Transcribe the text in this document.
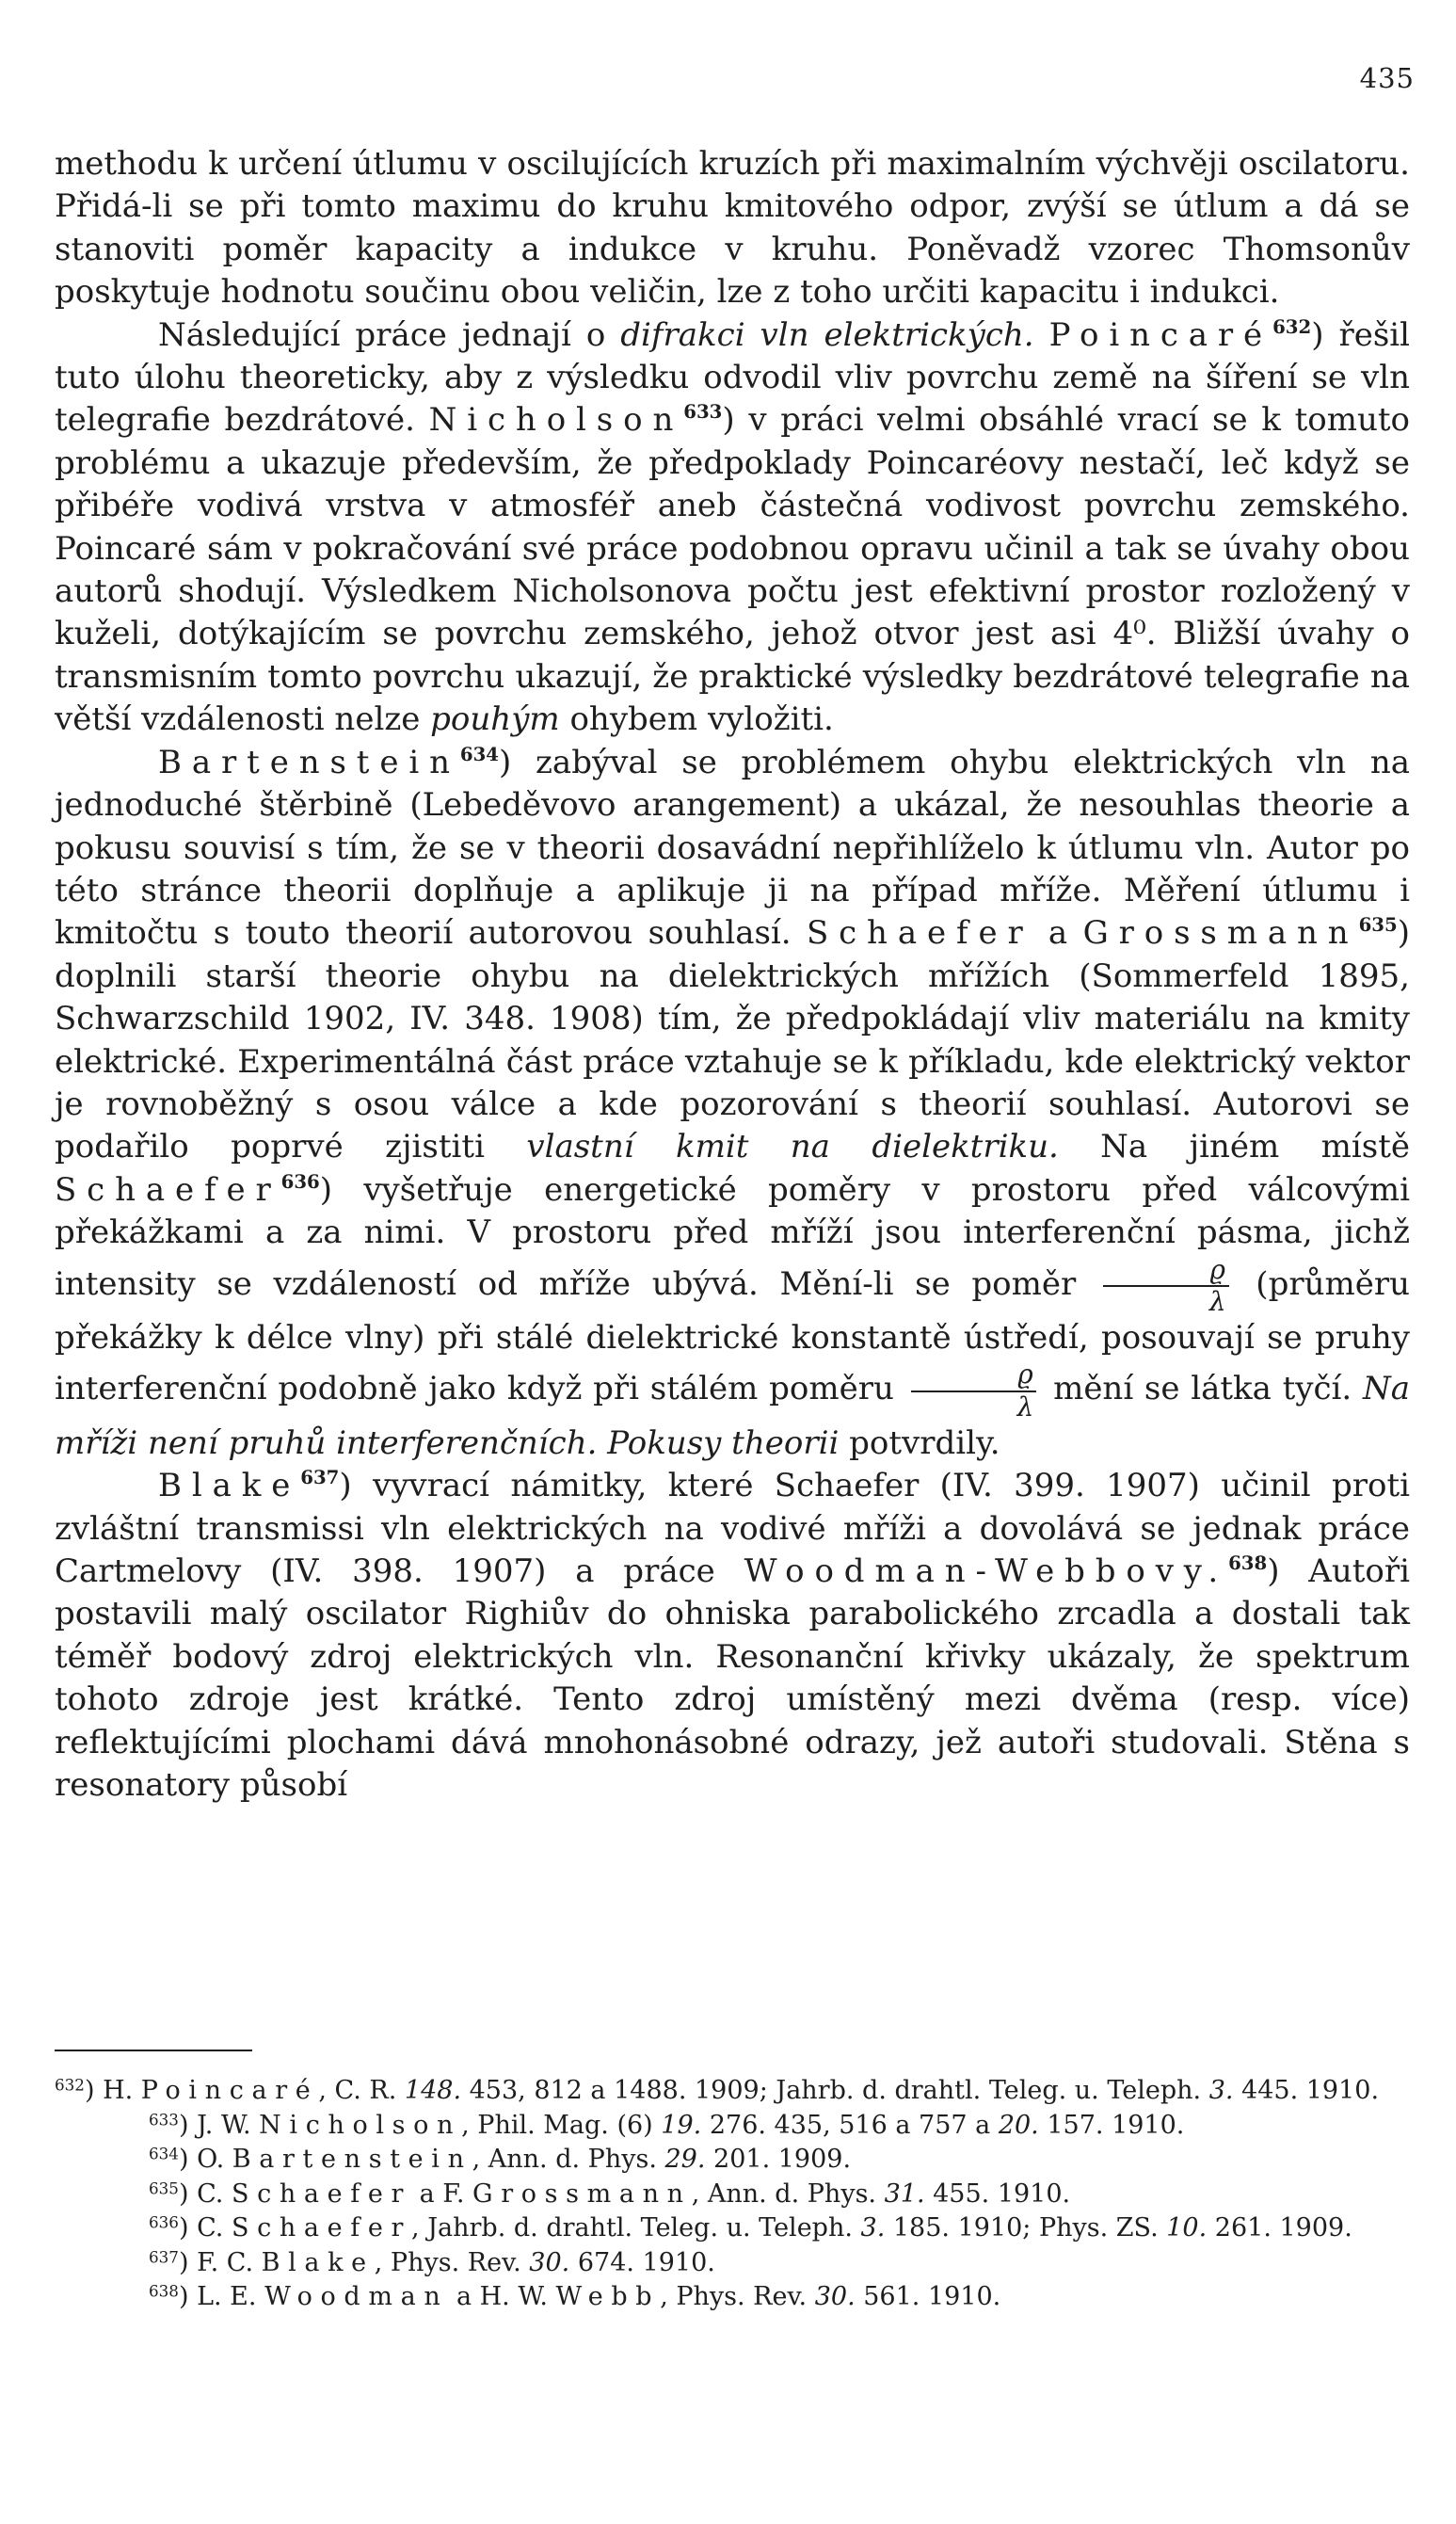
435

methodu k určení útlumu v oscilujících kruzích při maximalním výchvěji oscilatoru. Přidá-li se při tomto maximu do kruhu kmitového odpor, zvýší se útlum a dá se stanoviti poměr kapacity a indukce v kruhu. Poněvadž vzorec Thomsonův poskytuje hodnotu součinu obou veličin, lze z toho určiti kapacitu i indukci.

Následující práce jednají o difrakci vln elektrických. Poincaré$^{632}$) řešil tuto úlohu theoreticky, aby z výsledku odvodil vliv povrchu země na šíření se vln telegrafie bezdrátové. Nicholson$^{633}$) v práci velmi obsáhlé vrací se k tomuto problému a ukazuje především, že předpoklady Poincaréovy nestačí, leč když se přibéře vodivá vrstva v atmosféř aneb částečná vodivost povrchu zemského. Poincaré sám v pokračování své práce podobnou opravu učinil a tak se úvahy obou autorů shodují. Výsledkem Nicholsonova počtu jest efektivní prostor rozložený v kuželi, dotýkajícím se povrchu zemského, jehož otvor jest asi 4⁰. Bližší úvahy o transmisním tomto povrchu ukazují, že praktické výsledky bezdrátové telegrafie na větší vzdálenosti nelze pouhým ohybem vyložiti.

Bartenstein$^{634}$) zabýval se problémem ohybu elektrických vln na jednoduché štěrbině (Lebeděvovo arangement) a ukázal, že nesouhlas theorie a pokusu souvisí s tím, že se v theorii dosavádní nepřihlíželo k útlumu vln. Autor po této stránce theorii doplňuje a aplikuje ji na případ mříže. Měření útlumu i kmitočtu s touto theorií autorovou souhlasí. Schaefer a Grossmann$^{635}$) doplnili starší theorie ohybu na dielektrických mřížích (Sommerfeld 1895, Schwarzschild 1902, IV. 348. 1908) tím, že předpokládají vliv materiálu na kmity elektrické. Experimentálná část práce vztahuje se k příkladu, kde elektrický vektor je rovnoběžný s osou válce a kde pozorování s theorií souhlasí. Autorovi se podařilo poprvé zjistiti vlastní kmit na dielektriku. Na jiném místě Schaefer$^{636}$) vyšetřuje energetické poměry v prostoru před válcovými překážkami a za nimi. V prostoru před mříží jsou interferenční pásma, jichž intensity se vzdáleností od mříže ubývá. Mění-li se poměr $\frac{ϱ}{\lambda}$ (průměru překážky k délce vlny) při stálé dielektrické konstantě ústředí, posouvají se pruhy interferenční podobně jako když při stálém poměru $\frac{ϱ}{\lambda}$ mění se látka tyčí. Na mříži není pruhů interferenčních. Pokusy theorii potvrdily.

Blake$^{637}$) vyvrací námitky, které Schaefer (IV. 399. 1907) učinil proti zvláštní transmissi vln elektrických na vodivé mříži a dovolává se jednak práce Cartmelovy (IV. 398. 1907) a práce Woodman-Webbovy.$^{638}$) Autoři postavili malý oscilator Righiův do ohniska parabolického zrcadla a dostali tak téměř bodový zdroj elektrických vln. Resonanční křivky ukázaly, že spektrum tohoto zdroje jest krátké. Tento zdroj umístěný mezi dvěma (resp. více) reflektujícími plochami dává mnohonásobné odrazy, jež autoři studovali. Stěna s resonatory působí

$^{632}$) H. Poincaré, C. R. 148. 453, 812 a 1488. 1909; Jahrb. d. drahtl. Teleg. u. Teleph. 3. 445. 1910.

$^{633}$) J. W. Nicholson, Phil. Mag. (6) 19. 276. 435, 516 a 757 a 20. 157. 1910.

$^{634}$) O. Bartenstein, Ann. d. Phys. 29. 201. 1909.

$^{635}$) C. Schaefer a F. Grossmann, Ann. d. Phys. 31. 455. 1910.

$^{636}$) C. Schaefer, Jahrb. d. drahtl. Teleg. u. Teleph. 3. 185. 1910; Phys. ZS. 10. 261. 1909.

$^{637}$) F. C. Blake, Phys. Rev. 30. 674. 1910.

$^{638}$) L. E. Woodman a H. W. Webb, Phys. Rev. 30. 561. 1910.
